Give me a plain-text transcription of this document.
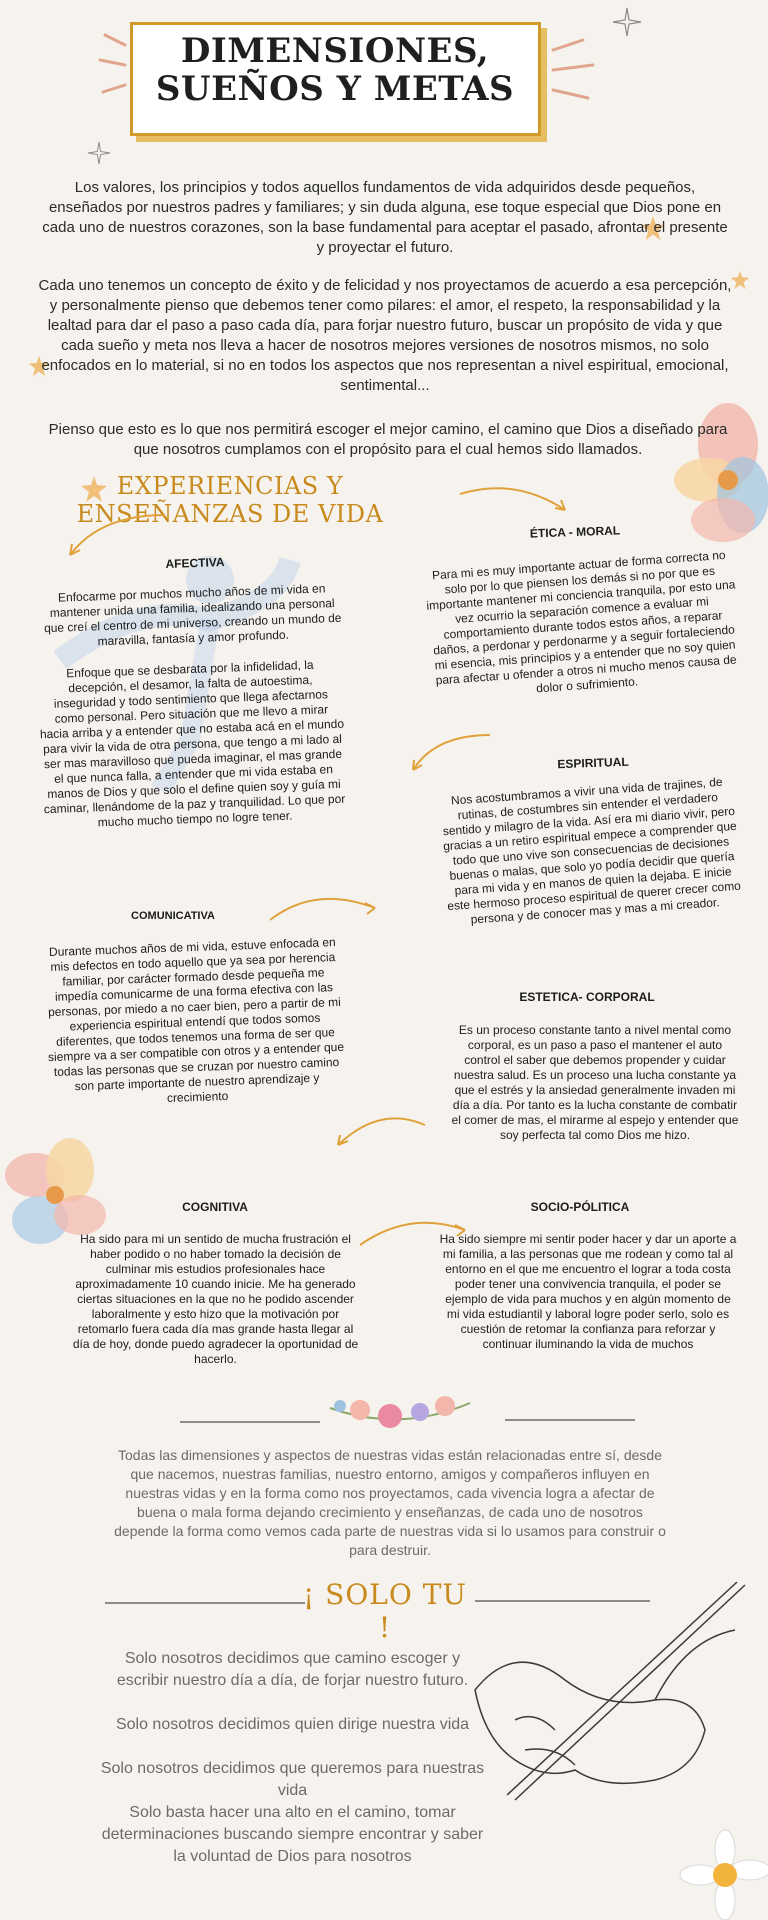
DIMENSIONES, SUEÑOS Y METAS
Los valores, los principios y todos aquellos fundamentos de vida adquiridos desde pequeños, enseñados por nuestros padres y familiares; y sin duda alguna, ese toque especial que Dios pone en cada uno de nuestros corazones, son la base fundamental para aceptar el pasado, afrontar el presente y proyectar el futuro.
Cada uno tenemos un concepto de éxito y de felicidad y nos proyectamos de acuerdo a esa percepción, y personalmente pienso que debemos tener como pilares: el amor, el respeto, la responsabilidad y la lealtad para dar el paso a paso cada día, para forjar nuestro futuro, buscar un propósito de vida y que cada sueño y meta nos lleva a hacer de nosotros mejores versiones de nosotros mismos, no solo enfocados en lo material, si no en todos los aspectos que nos representan a nivel espiritual, emocional, sentimental...
Pienso que esto es lo que nos permitirá escoger el mejor camino, el camino que Dios a diseñado para que nosotros cumplamos con el propósito para el cual hemos sido llamados.
EXPERIENCIAS Y ENSEÑANZAS DE VIDA
AFECTIVA
Enfocarme por muchos mucho años de mi vida en mantener unida una familia, idealizando una personal que creí el centro de mi universo, creando un mundo de maravilla, fantasía y amor profundo.
Enfoque que se desbarata por la infidelidad, la decepción, el desamor, la falta de autoestima, inseguridad y todo sentimiento que llega afectarnos como personal. Pero situación que me llevo a mirar hacia arriba y a entender que no estaba acá en el mundo para vivir la vida de otra persona, que tengo a mi lado al ser mas maravilloso que pueda imaginar, el mas grande el que nunca falla, a entender que mi vida estaba en manos de Dios y que solo el define quien soy y guía mi caminar, llenándome de la paz y tranquilidad. Lo que por mucho mucho tiempo no logre tener.
ÉTICA - MORAL
Para mi es muy importante actuar de forma correcta no solo por lo que piensen los demás si no por que es importante mantener mi conciencia tranquila, por esto una vez ocurrio la separación comence a evaluar mi comportamiento durante todos estos años, a reparar daños, a perdonar y perdonarme y a seguir fortaleciendo mi esencia, mis principios y a entender que no soy quien para afectar u ofender a otros ni mucho menos causa de dolor o sufrimiento.
ESPIRITUAL
Nos acostumbramos a vivir una vida de trajines, de rutinas, de costumbres sin entender el verdadero sentido y milagro de la vida. Así era mi diario vivir, pero gracias a un retiro espiritual empece a comprender que todo que uno vive son consecuencias de decisiones buenas o malas, que solo yo podía decidir que quería para mi vida y en manos de quien la dejaba. E inicie este hermoso proceso espiritual de querer crecer como persona y de conocer mas y mas a mi creador.
COMUNICATIVA
Durante muchos años de mi vida, estuve enfocada en mis defectos en todo aquello que ya sea por herencia familiar, por carácter formado desde pequeña me impedía comunicarme de una forma efectiva con las personas, por miedo a no caer bien, pero a partir de mi experiencia espiritual entendí que todos somos diferentes, que todos tenemos una forma de ser que siempre va a ser compatible con otros y a entender que todas las personas que se cruzan por nuestro camino son parte importante de nuestro aprendizaje y crecimiento
ESTETICA- CORPORAL
Es un proceso constante tanto a nivel mental como corporal, es un paso a paso el mantener el auto control el saber que debemos propender y cuidar nuestra salud. Es un proceso una lucha constante ya que el estrés y la ansiedad generalmente invaden mi día a día. Por tanto es la lucha constante de combatir el comer de mas, el mirarme al espejo y entender que soy perfecta tal como Dios me hizo.
COGNITIVA
Ha sido para mi un sentido de mucha frustración el haber podido o no haber tomado la decisión de culminar mis estudios profesionales hace aproximadamente 10 cuando inicie. Me ha generado ciertas situaciones en la que no he podido ascender laboralmente y esto hizo que la motivación por retomarlo fuera cada día mas grande hasta llegar al día de hoy, donde puedo agradecer la oportunidad de hacerlo.
SOCIO-PÓLITICA
Ha sido siempre mi sentir poder hacer y dar un aporte a mi familia, a las personas que me rodean y como tal al entorno en el que me encuentro el lograr a toda costa poder tener una convivencia tranquila, el poder se ejemplo de vida para muchos y en algún momento de mi vida estudiantil y laboral logre poder serlo, solo es cuestión de retomar la confianza para reforzar y continuar iluminando la vida de muchos
Todas las dimensiones y aspectos de nuestras vidas están relacionadas entre sí, desde que nacemos, nuestras familias, nuestro entorno, amigos y compañeros influyen en nuestras vidas y en la forma como nos proyectamos, cada vivencia logra a afectar de buena o mala forma dejando crecimiento y enseñanzas, de cada uno de nosotros depende la forma como vemos cada parte de nuestras vida si lo usamos para construir o para destruir.
¡ SOLO TU !
Solo nosotros decidimos que camino escoger y escribir nuestro día a día, de forjar nuestro futuro.
Solo nosotros decidimos quien dirige nuestra vida
Solo nosotros decidimos que queremos para nuestras vida
Solo basta hacer una alto en el camino, tomar determinaciones buscando siempre encontrar y saber la voluntad de Dios para nosotros
